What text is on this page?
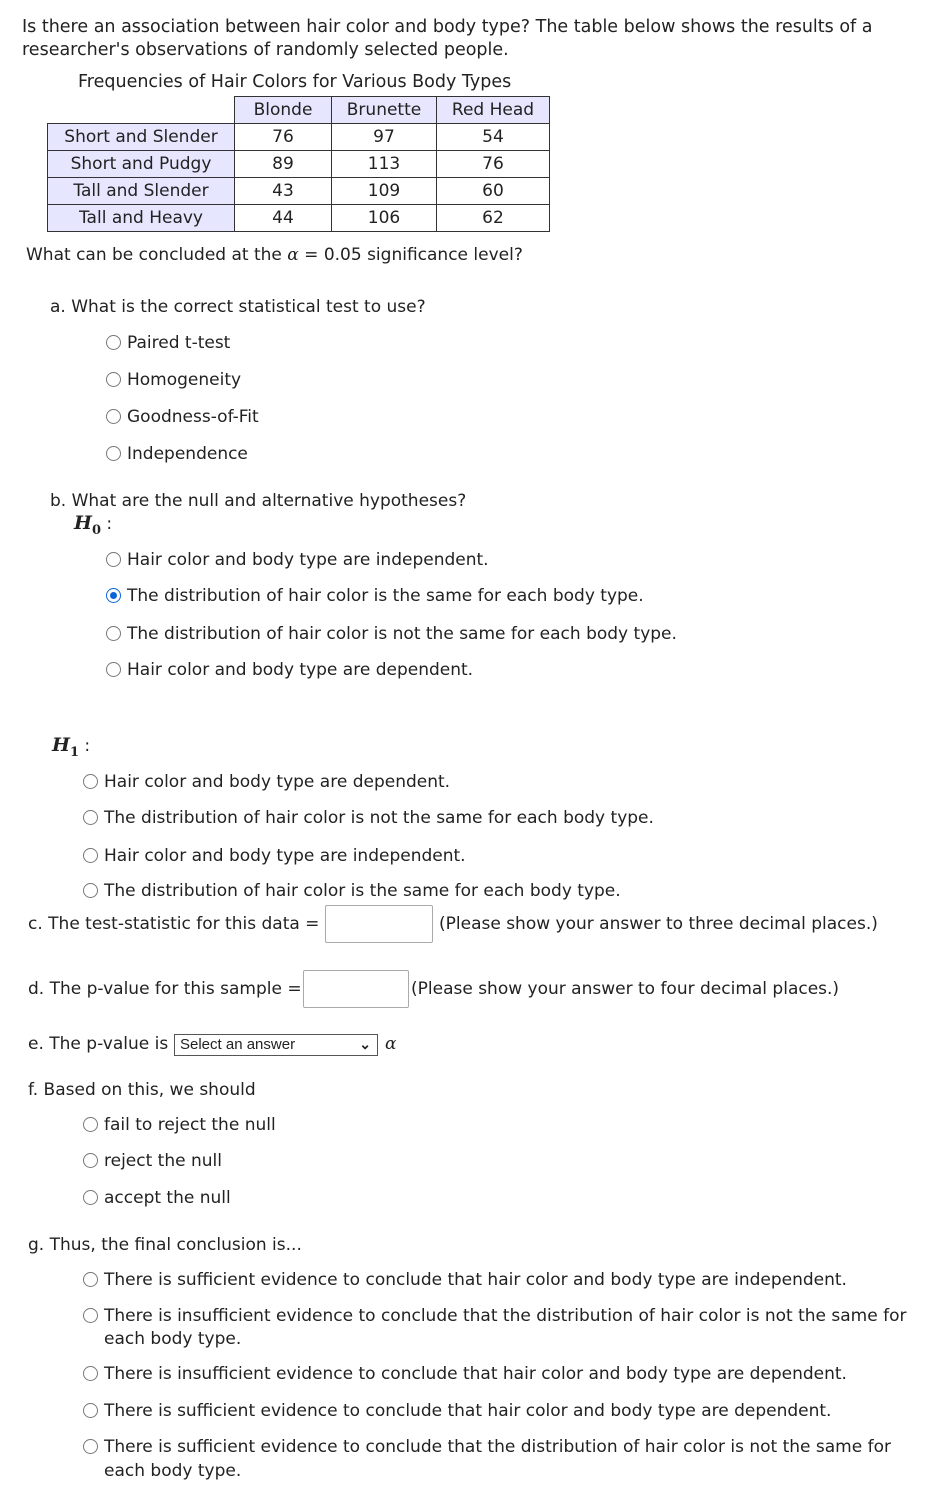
Is there an association between hair color and body type? The table below shows the results of a researcher's observations of randomly selected people.
Frequencies of Hair Colors for Various Body Types
	Blonde	Brunette	Red Head
Short and Slender	76	97	54
Short and Pudgy	89	113	76
Tall and Slender	43	109	60
Tall and Heavy	44	106	62
What can be concluded at the α = 0.05 significance level?
a. What is the correct statistical test to use?
Paired t-test
Homogeneity
Goodness-of-Fit
Independence
b. What are the null and alternative hypotheses?
$H_0$ :
Hair color and body type are independent.
The distribution of hair color is the same for each body type.
The distribution of hair color is not the same for each body type.
Hair color and body type are dependent.
$H_1$ :
Hair color and body type are dependent.
The distribution of hair color is not the same for each body type.
Hair color and body type are independent.
The distribution of hair color is the same for each body type.
c. The test-statistic for this data =	(Please show your answer to three decimal places.)
d. The p-value for this sample =	(Please show your answer to four decimal places.)
e. The p-value is Select an answer	⌄ α
f. Based on this, we should
fail to reject the null
reject the null
accept the null
g. Thus, the final conclusion is...
There is sufficient evidence to conclude that hair color and body type are independent.
There is insufficient evidence to conclude that the distribution of hair color is not the same for
each body type.
There is insufficient evidence to conclude that hair color and body type are dependent.
There is sufficient evidence to conclude that hair color and body type are dependent.
There is sufficient evidence to conclude that the distribution of hair color is not the same for
each body type.
